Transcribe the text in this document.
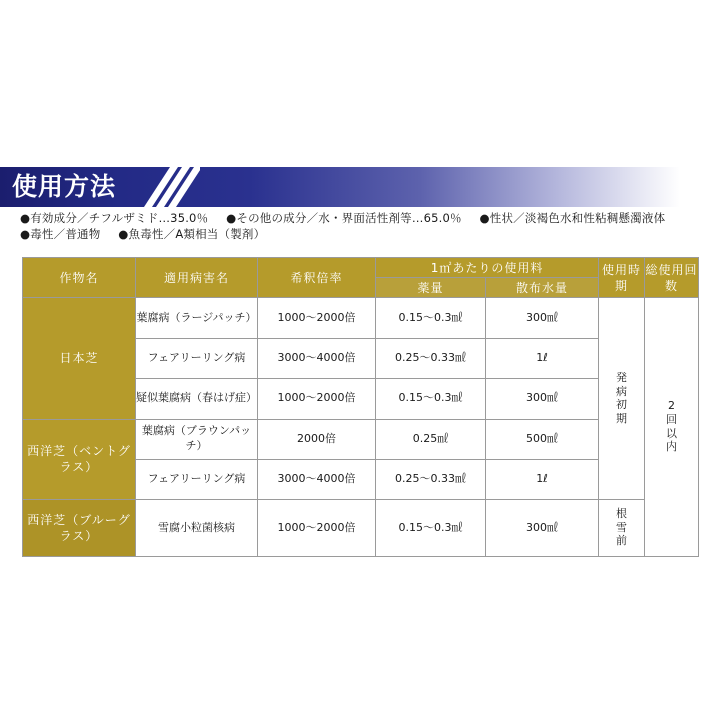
使用方法
●有効成分／チフルザミド…35.0％ ●その他の成分／水・界面活性剤等…65.0％ ●性状／淡褐色水和性粘稠懸濁液体
●毒性／普通物 ●魚毒性／A類相当（製剤）
作物名	適用病害名	希釈倍率	1㎡あたりの使用料		使用時期	総使用回数
			薬量	散布水量		
日本芝	葉腐病（ラージパッチ）	1000～2000倍	0.15～0.3㎖	300㎖	発病初期	2回以内
	フェアリーリング病	3000～4000倍	0.25～0.33㎖	1ℓ		
	疑似葉腐病（春はげ症）	1000～2000倍	0.15～0.3㎖	300㎖		
西洋芝（ベントグラス）	葉腐病（ブラウンパッチ）	2000倍	0.25㎖	500㎖		
	フェアリーリング病	3000～4000倍	0.25～0.33㎖	1ℓ		
西洋芝（ブルーグラス）	雪腐小粒菌核病	1000～2000倍	0.15～0.3㎖	300㎖	根雪前	
